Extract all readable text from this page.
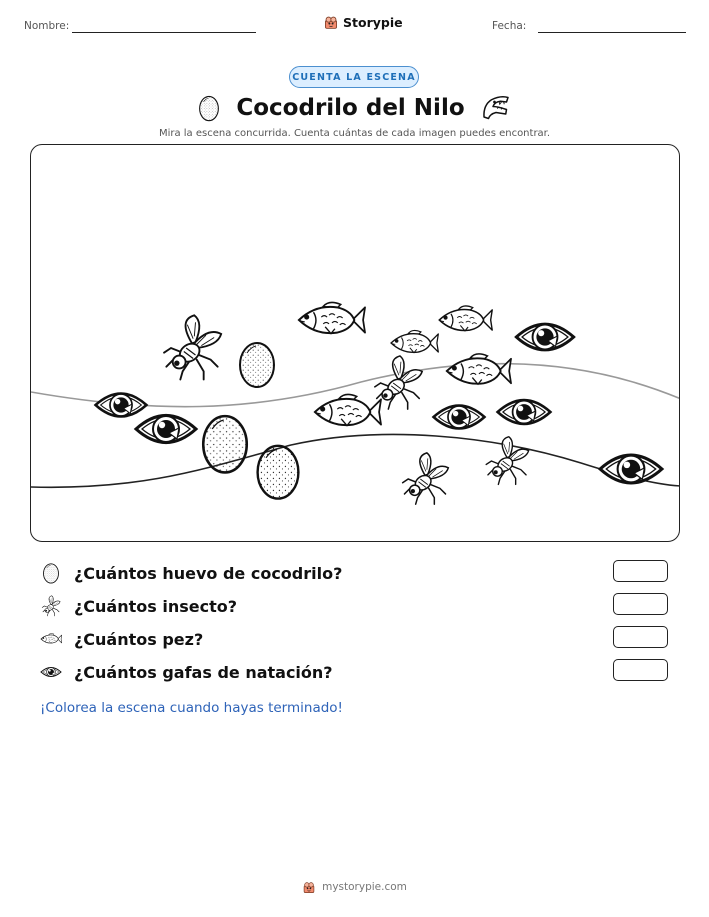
Nombre:	Storypie	Fecha:
CUENTA LA ESCENA
Cocodrilo del Nilo
Mira la escena concurrida. Cuenta cuántas de cada imagen puedes encontrar.
¿Cuántos huevo de cocodrilo?
¿Cuántos insecto?
¿Cuántos pez?
¿Cuántos gafas de natación?
¡Colorea la escena cuando hayas terminado!
mystorypie.com
